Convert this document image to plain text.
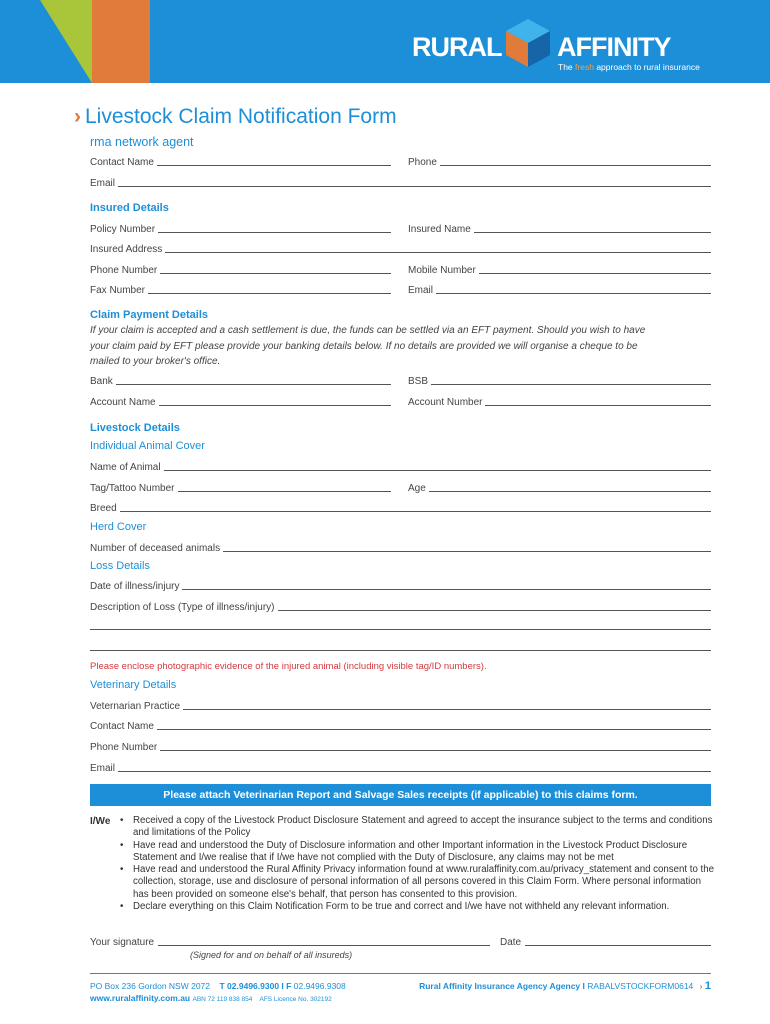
RURAL AFFINITY
The fresh approach to rural insurance
› Livestock Claim Notification Form
rma network agent
Contact Name	Phone
Email
Insured Details
Policy Number	Insured Name
Insured Address
Phone Number	Mobile Number
Fax Number	Email
Claim Payment Details
If your claim is accepted and a cash settlement is due, the funds can be settled via an EFT payment. Should you wish to have
your claim paid by EFT please provide your banking details below. If no details are provided we will organise a cheque to be
mailed to your broker's office.
Bank	BSB
Account Name	Account Number
Livestock Details
Individual Animal Cover
Name of Animal
Tag/Tattoo Number	Age
Breed
Herd Cover
Number of deceased animals
Loss Details
Date of illness/injury
Description of Loss (Type of illness/injury)
Please enclose photographic evidence of the injured animal (including visible tag/ID numbers).
Veterinary Details
Veternarian Practice
Contact Name
Phone Number
Email
Please attach Veterinarian Report and Salvage Sales receipts (if applicable) to this claims form.
I/We • Received a copy of the Livestock Product Disclosure Statement and agreed to accept the insurance subject to the terms and conditions and limitations of the Policy
• Have read and understood the Duty of Disclosure information and other Important information in the Livestock Product Disclosure Statement and I/we realise that if I/we have not complied with the Duty of Disclosure, any claims may not be met
• Have read and understood the Rural Affinity Privacy information found at www.ruralaffinity.com.au/privacy_statement and consent to the collection, storage, use and disclosure of personal information of all persons covered in this Claim Form. Where personal information has been provided on someone else's behalf, that person has consented to this provision.
• Declare everything on this Claim Notification Form to be true and correct and I/we have not withheld any relevant information.
Your signature	Date
(Signed for and on behalf of all insureds)
PO Box 236 Gordon NSW 2072 T 02.9496.9300 I F 02.9496.9308
www.ruralaffinity.com.au ABN 72 119 838 854 AFS Licence No. 302192
Rural Affinity Insurance Agency Agency I RABALVSTOCKFORM0614 › 1
